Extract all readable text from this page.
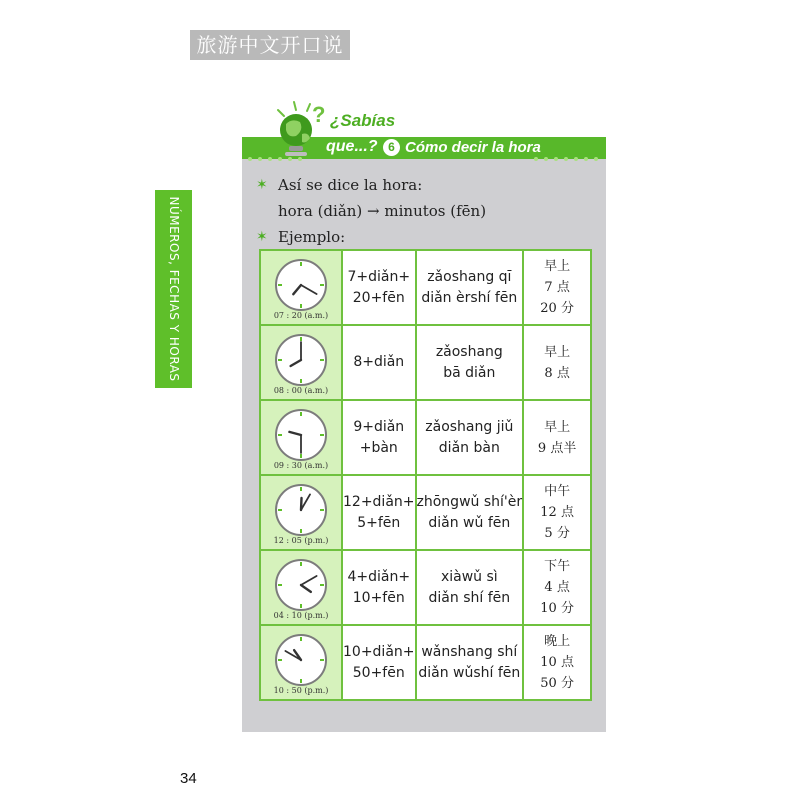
旅游中文开口说
NÚMEROS, FECHAS Y HORAS
? ¿Sabías
que...? 6 Cómo decir la hora
✶ Así se dice la hora:
hora (diǎn) → minutos (fēn)
✶ Ejemplo:
07 : 20 (a.m.)	7+diǎn+
20+fēn	zǎoshang qī
diǎn èrshí fēn	早上
7 点
20 分

08 : 00 (a.m.)	8+diǎn	zǎoshang
bā diǎn	早上
8 点

09 : 30 (a.m.)	9+diǎn
+bàn	zǎoshang jiǔ
diǎn bàn	早上
9 点半

12 : 05 (p.m.)	12+diǎn+
5+fēn	zhōngwǔ shí'èr
diǎn wǔ fēn	中午
12 点
5 分

04 : 10 (p.m.)	4+diǎn+
10+fēn	xiàwǔ sì
diǎn shí fēn	下午
4 点
10 分

10 : 50 (p.m.)	10+diǎn+
50+fēn	wǎnshang shí
diǎn wǔshí fēn	晚上
10 点
50 分
34
